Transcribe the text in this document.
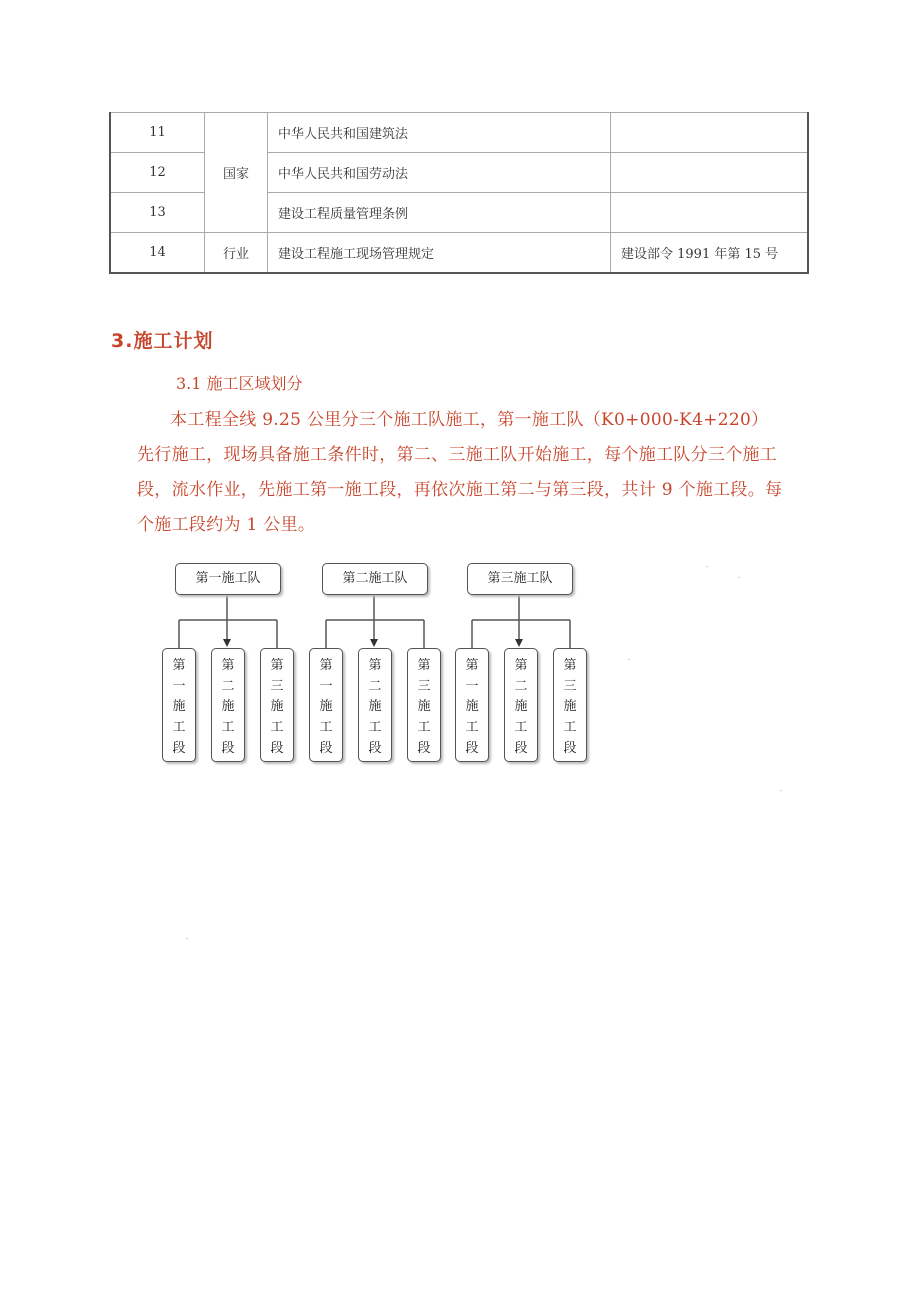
11	国家	中华人民共和国建筑法	
12		中华人民共和国劳动法	
13		建设工程质量管理条例	
14	行业	建设工程施工现场管理规定	建设部令 1991 年第 15 号
3.施工计划
3.1 施工区域划分

本工程全线 9.25 公里分三个施工队施工，第一施工队（K0+000-K4+220）先行施工，现场具备施工条件时，第二、三施工队开始施工，每个施工队分三个施工段，流水作业，先施工第一施工段，再依次施工第二与第三段，共计 9 个施工段。每个施工段约为 1 公里。

第一施工队
第
一
施
工
段
第
二
施
工
段
第
三
施
工
段
第二施工队
第
一
施
工
段
第
二
施
工
段
第
三
施
工
段
第三施工队
第
一
施
工
段
第
二
施
工
段
第
三
施
工
段
